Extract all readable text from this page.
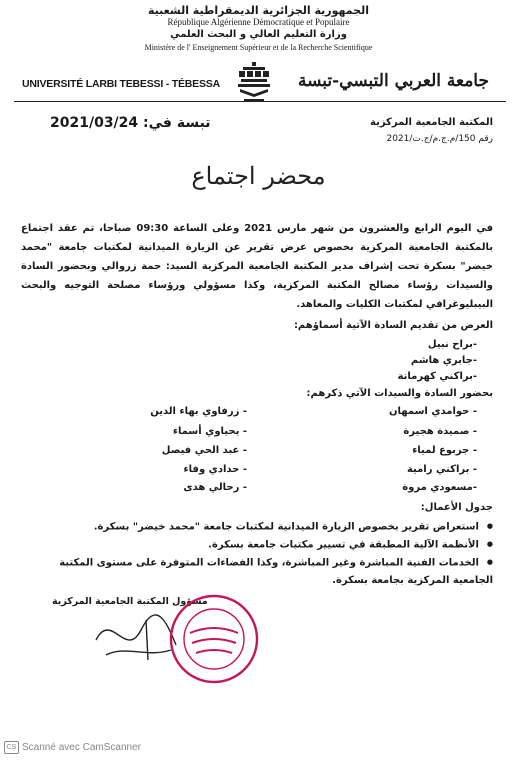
الجمهورية الجزائرية الديمقراطية الشعبية
République Algérienne Démocratique et Populaire
وزارة التعليم العالي و البحث العلمي
Ministère de l' Enseignement Supérieur et de la Recherche Scientifique
UNIVERSITÉ LARBI TEBESSI - TÉBESSA	جامعة العربي التبسي-تبسة
المكتبة الجامعية المركزية
رقم 150/م.ج.م/ج.ت/2021
تبسة في: 2021/03/24
محضر اجتماع
في اليوم الرابع والعشرون من شهر مارس 2021 وعلى الساعة 09:30 صباحا، تم عقد اجتماع بالمكتبة الجامعية المركزية بخصوص عرض تقرير عن الزيارة الميدانية لمكتبات جامعة "محمد خيضر" بسكرة تحت إشراف مدير المكتبة الجامعية المركزية السيد: حمة زروالي وبحضور السادة والسيدات رؤساء مصالح المكتبة المركزية، وكذا مسؤولي ورؤساء مصلحة التوجيه والبحث البيبليوغرافي لمكتبات الكليات والمعاهد.
العرض من تقديم السادة الآتية أسماؤهم:
-براح نبيل
-جابري هاشم
-براكني كهرمانة
بحضور السادة والسيدات الآتي ذكرهم:
- حوامدي اسمهان
- صميدة هجيرة
- جربوع لمياء
- براكني رامية
-مسعودي مروة
- زرفاوي بهاء الدين
- يحياوي أسماء
- عبد الحي فيصل
- حدادي وفاء
- رحالي هدى
جدول الأعمال:
● استعراض تقرير بخصوص الزيارة الميدانية لمكتبات جامعة "محمد خيضر" بسكرة.
● الأنظمة الآلية المطبقة في تسيير مكتبات جامعة بسكرة.
● الخدمات الفنية المباشرة وغير المباشرة، وكذا الفضاءات المتوفرة على مستوى المكتبة الجامعية المركزية بجامعة بسكرة.
مسؤول المكتبة الجامعية المركزية
CS Scanné avec CamScanner
